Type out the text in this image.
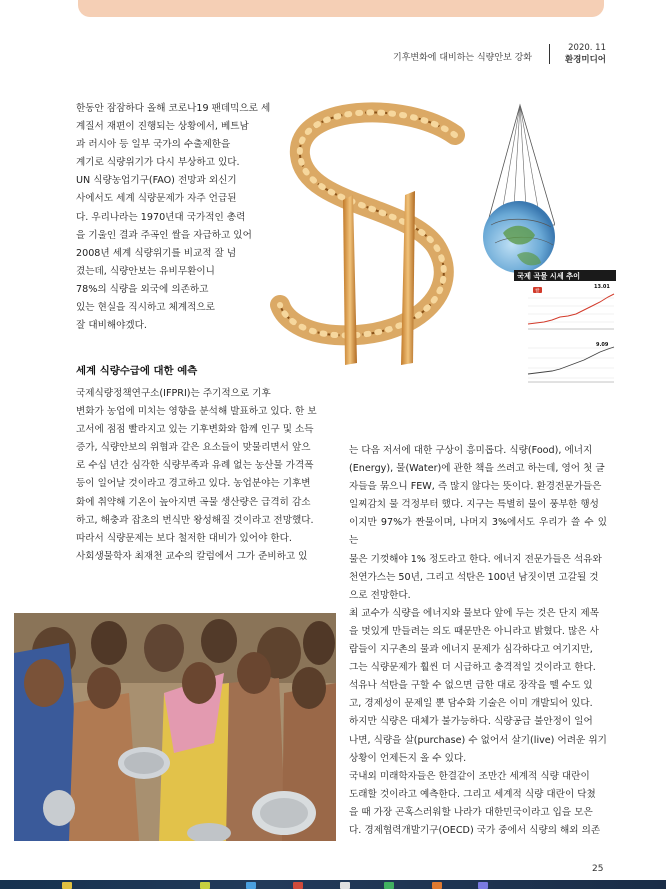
기후변화에 대비하는 식량안보 강화
2020. 11
환경미디어
한동안 잠잠하다 올해 코로나19 팬데믹으로 세
계질서 재편이 진행되는 상황에서, 베트남
과 러시아 등 일부 국가의 수출제한을
계기로 식량위기가 다시 부상하고 있다.
UN 식량농업기구(FAO) 전망과 외신기
사에서도 세계 식량문제가 자주 언급된
다. 우리나라는 1970년대 국가적인 총력
을 기울인 결과 주곡인 쌀을 자급하고 있어
2008년 세계 식량위기를 비교적 잘 넘
겼는데, 식량안보는 유비무환이니
78%의 식량을 외국에 의존하고
있는 현실을 직시하고 체계적으로
잘 대비해야겠다.
국제 곡물 시세 추이
13.01
쌀
9.09
세계 식량수급에 대한 예측
국제식량정책연구소(IFPRI)는 주기적으로 기후
변화가 농업에 미치는 영향을 분석해 발표하고 있다. 한 보
고서에 점점 빨라지고 있는 기후변화와 함께 인구 및 소득
증가, 식량안보의 위협과 같은 요소들이 맞물리면서 앞으
로 수십 년간 심각한 식량부족과 유례 없는 농산물 가격폭
등이 일어날 것이라고 경고하고 있다. 농업분야는 기후변
화에 취약해 기온이 높아지면 곡물 생산량은 급격히 감소
하고, 해충과 잡초의 번식만 왕성해질 것이라고 전망했다.
따라서 식량문제는 보다 철저한 대비가 있어야 한다.
사회생물학자 최재천 교수의 칼럼에서 그가 준비하고 있
는 다음 저서에 대한 구상이 흥미롭다. 식량(Food), 에너지
(Energy), 물(Water)에 관한 책을 쓰려고 하는데, 영어 첫 글
자들을 묶으니 FEW, 즉 많지 않다는 뜻이다. 환경전문가들은
일찌감치 물 걱정부터 했다. 지구는 특별히 물이 풍부한 행성
이지만 97%가 짠물이며, 나머지 3%에서도 우리가 쓸 수 있는
물은 기껏해야 1% 정도라고 한다. 에너지 전문가들은 석유와
천연가스는 50년, 그리고 석탄은 100년 남짓이면 고갈될 것
으로 전망한다.
최 교수가 식량을 에너지와 물보다 앞에 두는 것은 단지 제목
을 멋있게 만들려는 의도 때문만은 아니라고 밝혔다. 많은 사
람들이 지구촌의 물과 에너지 문제가 심각하다고 여기지만,
그는 식량문제가 훨씬 더 시급하고 충격적일 것이라고 한다.
석유나 석탄을 구할 수 없으면 급한 대로 장작을 뗄 수도 있
고, 경제성이 문제일 뿐 담수화 기술은 이미 개발되어 있다.
하지만 식량은 대체가 불가능하다. 식량공급 불안정이 일어
나면, 식량을 살(purchase) 수 없어서 살기(live) 어려운 위기
상황이 언제든지 올 수 있다.
국내외 미래학자들은 한결같이 조만간 세계적 식량 대란이
도래할 것이라고 예측한다. 그리고 세계적 식량 대란이 닥쳤
을 때 가장 곤혹스러워할 나라가 대한민국이라고 입을 모은
다. 경제협력개발기구(OECD) 국가 중에서 식량의 해외 의존
25
